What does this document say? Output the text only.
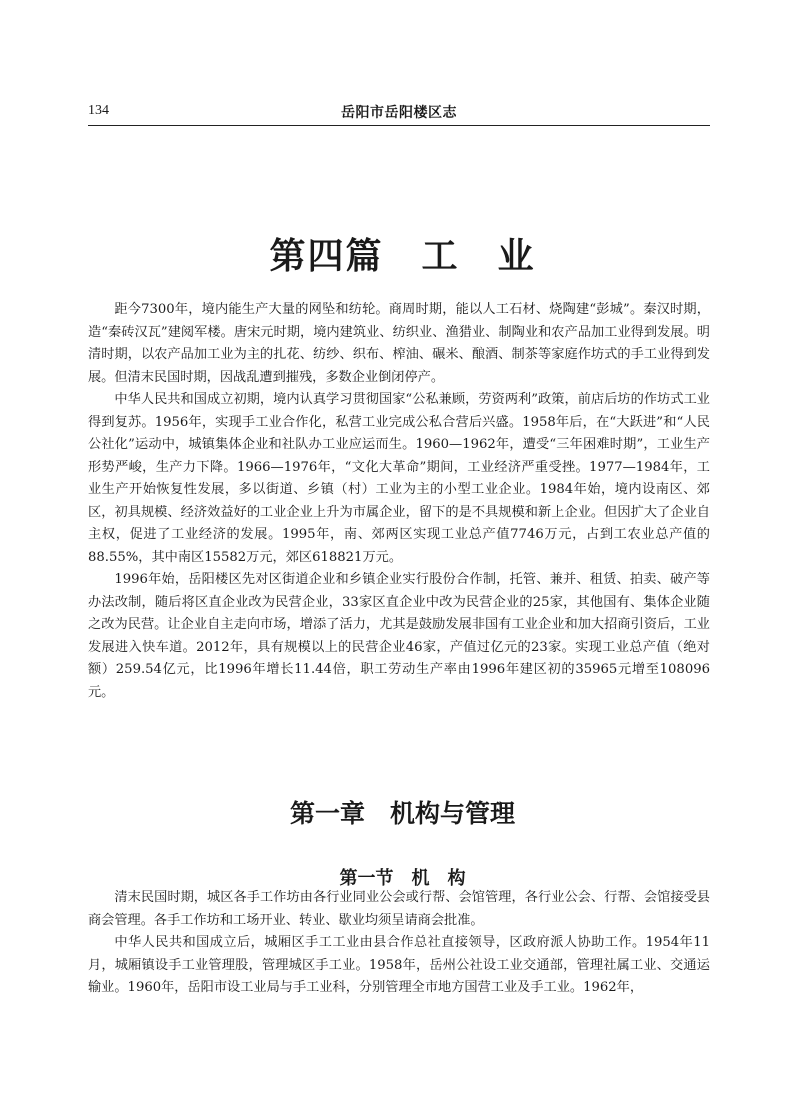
134	岳阳市岳阳楼区志
第四篇　工　业

距今7300年，境内能生产大量的网坠和纺轮。商周时期，能以人工石材、烧陶建“彭城”。秦汉时期，造“秦砖汉瓦”建阅军楼。唐宋元时期，境内建筑业、纺织业、渔猎业、制陶业和农产品加工业得到发展。明清时期，以农产品加工业为主的扎花、纺纱、织布、榨油、碾米、酿酒、制茶等家庭作坊式的手工业得到发展。但清末民国时期，因战乱遭到摧残，多数企业倒闭停产。

中华人民共和国成立初期，境内认真学习贯彻国家“公私兼顾，劳资两利”政策，前店后坊的作坊式工业得到复苏。1956年，实现手工业合作化，私营工业完成公私合营后兴盛。1958年后，在“大跃进”和“人民公社化”运动中，城镇集体企业和社队办工业应运而生。1960—1962年，遭受“三年困难时期”，工业生产形势严峻，生产力下降。1966—1976年，“文化大革命”期间，工业经济严重受挫。1977—1984年，工业生产开始恢复性发展，多以街道、乡镇（村）工业为主的小型工业企业。1984年始，境内设南区、郊区，初具规模、经济效益好的工业企业上升为市属企业，留下的是不具规模和新上企业。但因扩大了企业自主权，促进了工业经济的发展。1995年，南、郊两区实现工业总产值7746万元，占到工农业总产值的88.55%，其中南区15582万元，郊区618821万元。

1996年始，岳阳楼区先对区街道企业和乡镇企业实行股份合作制，托管、兼并、租赁、拍卖、破产等办法改制，随后将区直企业改为民营企业，33家区直企业中改为民营企业的25家，其他国有、集体企业随之改为民营。让企业自主走向市场，增添了活力，尤其是鼓励发展非国有工业企业和加大招商引资后，工业发展进入快车道。2012年，具有规模以上的民营企业46家，产值过亿元的23家。实现工业总产值（绝对额）259.54亿元，比1996年增长11.44倍，职工劳动生产率由1996年建区初的35965元增至108096元。

第一章　机构与管理
第一节　机　构

清末民国时期，城区各手工作坊由各行业同业公会或行帮、会馆管理，各行业公会、行帮、会馆接受县商会管理。各手工作坊和工场开业、转业、歇业均须呈请商会批准。

中华人民共和国成立后，城厢区手工工业由县合作总社直接领导，区政府派人协助工作。1954年11月，城厢镇设手工业管理股，管理城区手工业。1958年，岳州公社设工业交通部，管理社属工业、交通运输业。1960年，岳阳市设工业局与手工业科，分别管理全市地方国营工业及手工业。1962年，
